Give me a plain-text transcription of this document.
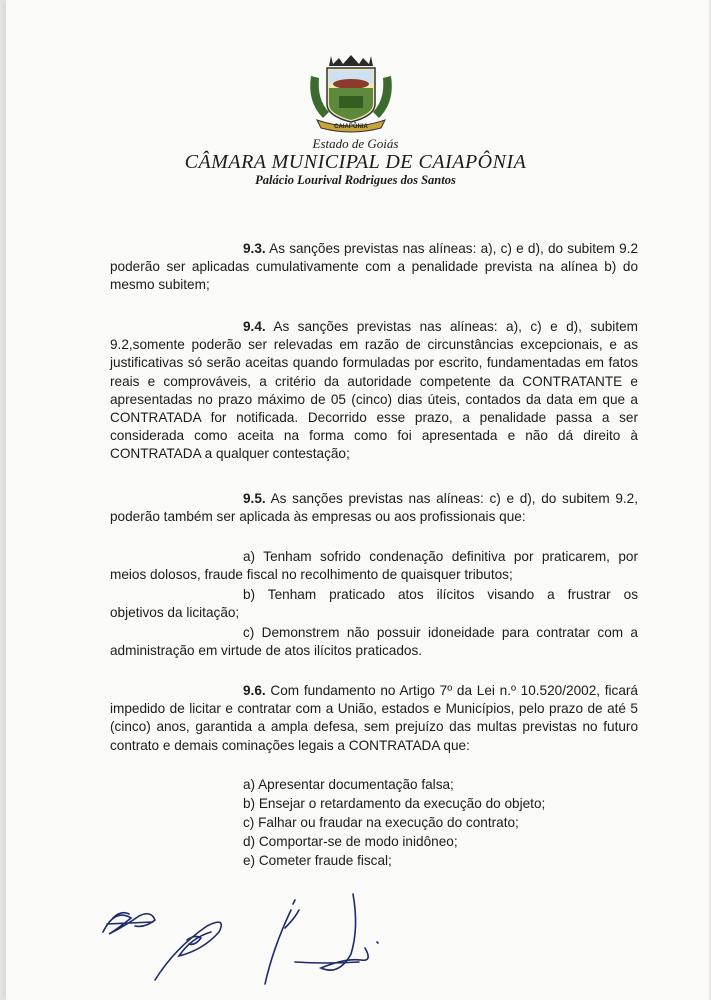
CAIAPÔNIA
Estado de Goiás
CÂMARA MUNICIPAL DE CAIAPÔNIA
Palácio Lourival Rodrigues dos Santos
9.3. As sanções previstas nas alíneas: a), c) e d), do subitem 9.2 poderão ser aplicadas cumulativamente com a penalidade prevista na alínea b) do mesmo subitem;
9.4. As sanções previstas nas alíneas: a), c) e d), subitem 9.2,somente poderão ser relevadas em razão de circunstâncias excepcionais, e as justificativas só serão aceitas quando formuladas por escrito, fundamentadas em fatos reais e comprováveis, a critério da autoridade competente da CONTRATANTE e apresentadas no prazo máximo de 05 (cinco) dias úteis, contados da data em que a CONTRATADA for notificada. Decorrido esse prazo, a penalidade passa a ser considerada como aceita na forma como foi apresentada e não dá direito à CONTRATADA a qualquer contestação;
9.5. As sanções previstas nas alíneas: c) e d), do subitem 9.2, poderão também ser aplicada às empresas ou aos profissionais que:
a) Tenham sofrido condenação definitiva por praticarem, por
meios dolosos, fraude fiscal no recolhimento de quaisquer tributos;
b) Tenham praticado atos ilícitos visando a frustrar os
objetivos da licitação;
c) Demonstrem não possuir idoneidade para contratar com a
administração em virtude de atos ilícitos praticados.
9.6. Com fundamento no Artigo 7º da Lei n.º 10.520/2002, ficará impedido de licitar e contratar com a União, estados e Municípios, pelo prazo de até 5 (cinco) anos, garantida a ampla defesa, sem prejuízo das multas previstas no futuro contrato e demais cominações legais a CONTRATADA que:
a) Apresentar documentação falsa;
b) Ensejar o retardamento da execução do objeto;
c) Falhar ou fraudar na execução do contrato;
d) Comportar-se de modo inidôneo;
e) Cometer fraude fiscal;
